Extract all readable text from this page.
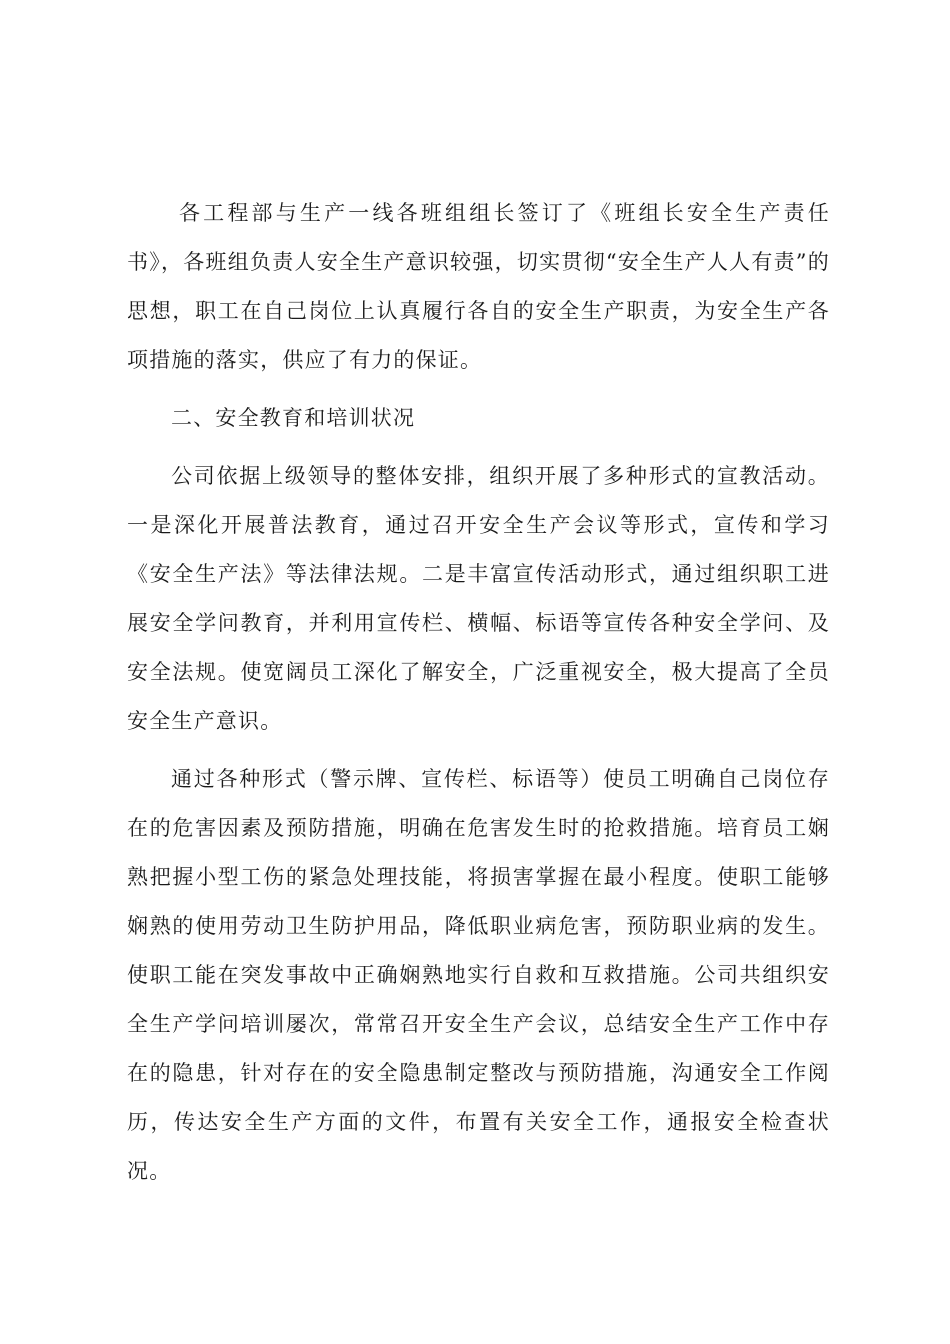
各工程部与生产一线各班组组长签订了《班组长安全生产责任书》，各班组负责人安全生产意识较强，切实贯彻“安全生产人人有责”的思想，职工在自己岗位上认真履行各自的安全生产职责，为安全生产各项措施的落实，供应了有力的保证。

二、安全教育和培训状况

公司依据上级领导的整体安排，组织开展了多种形式的宣教活动。一是深化开展普法教育，通过召开安全生产会议等形式，宣传和学习《安全生产法》等法律法规。二是丰富宣传活动形式，通过组织职工进展安全学问教育，并利用宣传栏、横幅、标语等宣传各种安全学问、及安全法规。使宽阔员工深化了解安全，广泛重视安全，极大提高了全员安全生产意识。

通过各种形式（警示牌、宣传栏、标语等）使员工明确自己岗位存在的危害因素及预防措施，明确在危害发生时的抢救措施。培育员工娴熟把握小型工伤的紧急处理技能，将损害掌握在最小程度。使职工能够娴熟的使用劳动卫生防护用品，降低职业病危害，预防职业病的发生。使职工能在突发事故中正确娴熟地实行自救和互救措施。公司共组织安全生产学问培训屡次，常常召开安全生产会议，总结安全生产工作中存在的隐患，针对存在的安全隐患制定整改与预防措施，沟通安全工作阅历，传达安全生产方面的文件，布置有关安全工作，通报安全检查状况。
